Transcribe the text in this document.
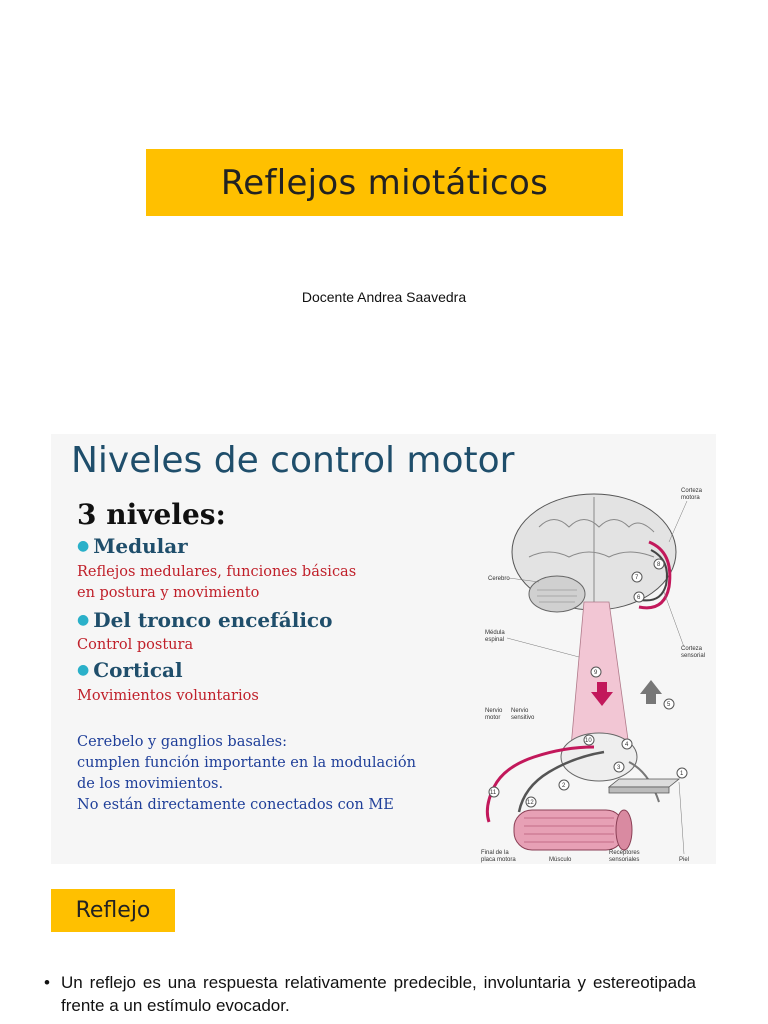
Reflejos miotáticos
Docente Andrea Saavedra
Niveles de control motor
3 niveles:
● Medular
Reflejos medulares, funciones básicas
en postura y movimiento
● Del tronco encefálico
Control postura
● Cortical
Movimientos voluntarios
Cerebelo y ganglios basales:
cumplen función importante en la modulación
de los movimientos.
No están directamente conectados con ME
6
7
8
9
5
10
4
3
2
1
11
12
Corteza
motora
Cerebro
Médula
espinal
Corteza
sensorial
Nervio
motor
Nervio
sensitivo
Final de la
placa motora	Músculo
Receptores
sensoriales	Piel
Reflejo
• Un reflejo es una respuesta relativamente predecible, involuntaria y estereotipada frente a un estímulo evocador.
